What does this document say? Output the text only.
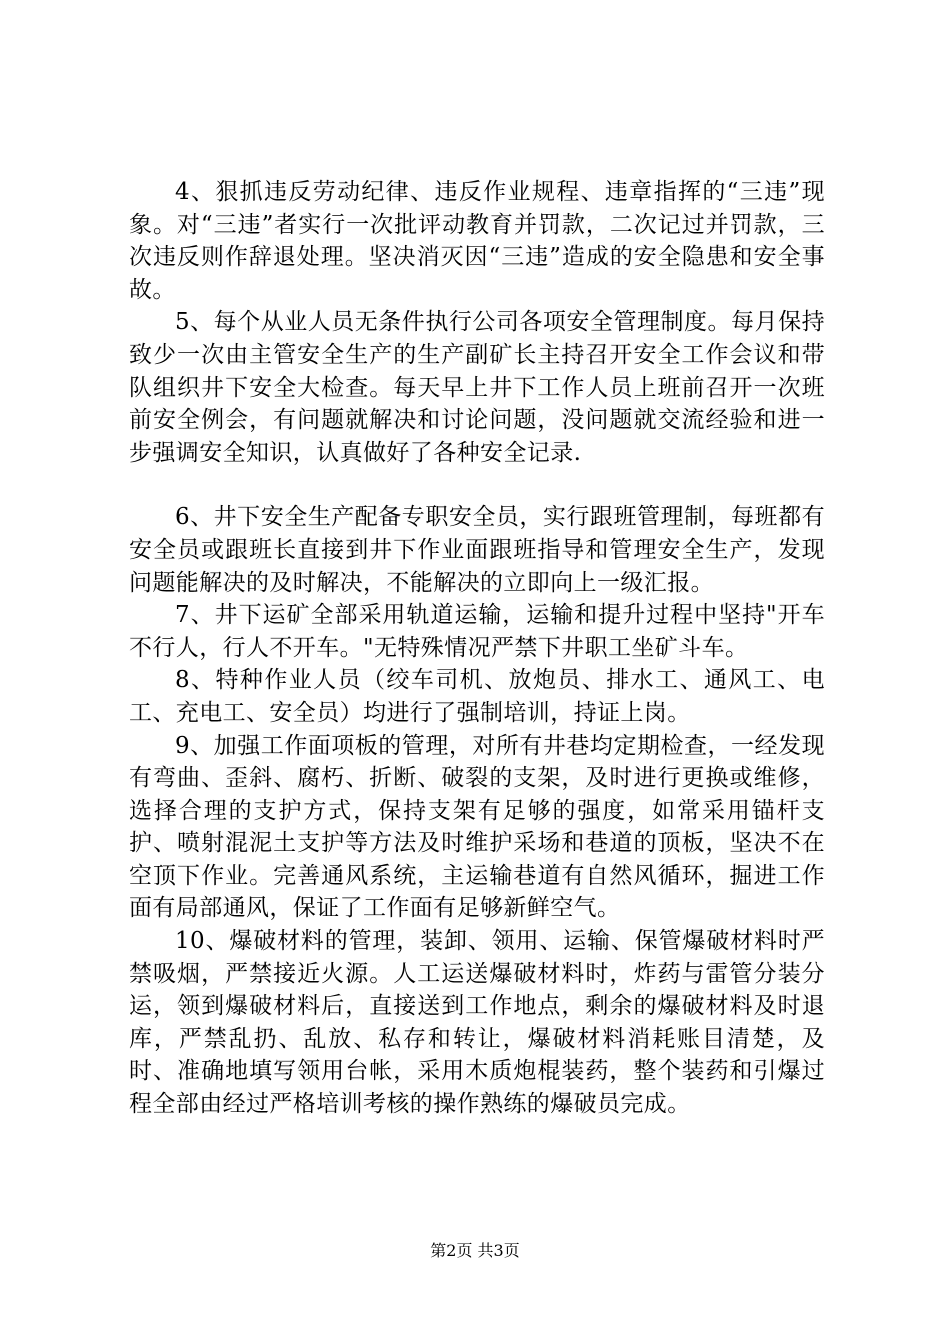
4、狠抓违反劳动纪律、违反作业规程、违章指挥的“三违”现象。对“三违”者实行一次批评动教育并罚款，二次记过并罚款，三次违反则作辞退处理。坚决消灭因“三违”造成的安全隐患和安全事故。

5、每个从业人员无条件执行公司各项安全管理制度。每月保持致少一次由主管安全生产的生产副矿长主持召开安全工作会议和带队组织井下安全大检查。每天早上井下工作人员上班前召开一次班前安全例会，有问题就解决和讨论问题，没问题就交流经验和进一步强调安全知识，认真做好了各种安全记录.

6、井下安全生产配备专职安全员，实行跟班管理制，每班都有安全员或跟班长直接到井下作业面跟班指导和管理安全生产，发现问题能解决的及时解决，不能解决的立即向上一级汇报。

7、井下运矿全部采用轨道运输，运输和提升过程中坚持"开车不行人，行人不开车。"无特殊情况严禁下井职工坐矿斗车。

8、特种作业人员（绞车司机、放炮员、排水工、通风工、电工、充电工、安全员）均进行了强制培训，持证上岗。

9、加强工作面项板的管理，对所有井巷均定期检查，一经发现有弯曲、歪斜、腐朽、折断、破裂的支架，及时进行更换或维修，选择合理的支护方式，保持支架有足够的强度，如常采用锚杆支护、喷射混泥土支护等方法及时维护采场和巷道的顶板，坚决不在空顶下作业。完善通风系统，主运输巷道有自然风循环，掘进工作面有局部通风，保证了工作面有足够新鲜空气。

10、爆破材料的管理，装卸、领用、运输、保管爆破材料时严禁吸烟，严禁接近火源。人工运送爆破材料时，炸药与雷管分装分运，领到爆破材料后，直接送到工作地点，剩余的爆破材料及时退库，严禁乱扔、乱放、私存和转让，爆破材料消耗账目清楚，及时、准确地填写领用台帐，采用木质炮棍装药，整个装药和引爆过程全部由经过严格培训考核的操作熟练的爆破员完成。

第2页 共3页
